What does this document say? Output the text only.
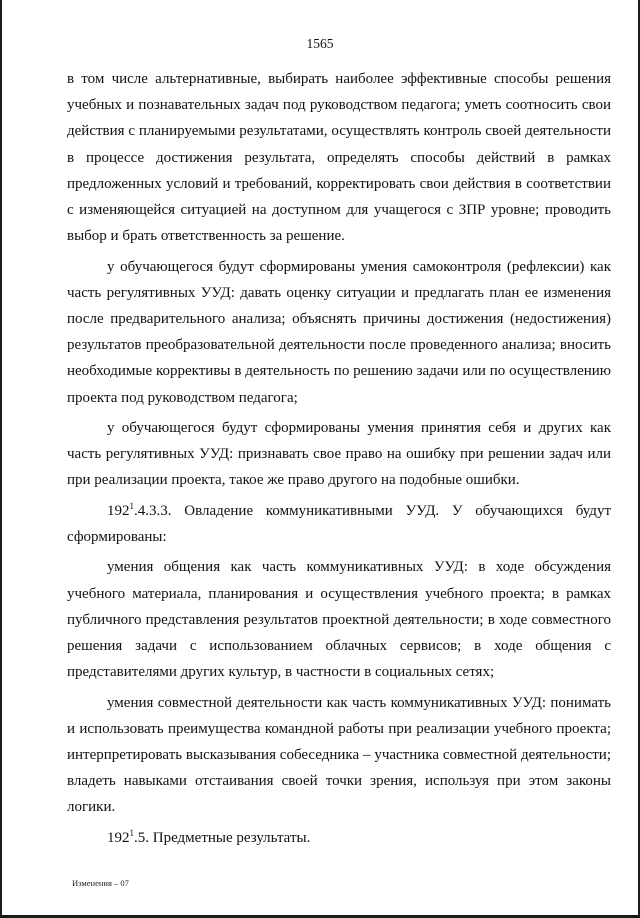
1565

в том числе альтернативные, выбирать наиболее эффективные способы решения учебных и познавательных задач под руководством педагога; уметь соотносить свои действия с планируемыми результатами, осуществлять контроль своей деятельности в процессе достижения результата, определять способы действий в рамках предложенных условий и требований, корректировать свои действия в соответствии с изменяющейся ситуацией на доступном для учащегося с ЗПР уровне; проводить выбор и брать ответственность за решение.

у обучающегося будут сформированы умения самоконтроля (рефлексии) как часть регулятивных УУД: давать оценку ситуации и предлагать план ее изменения после предварительного анализа; объяснять причины достижения (недостижения) результатов преобразовательной деятельности после проведенного анализа; вносить необходимые коррективы в деятельность по решению задачи или по осуществлению проекта под руководством педагога;

у обучающегося будут сформированы умения принятия себя и других как часть регулятивных УУД: признавать свое право на ошибку при решении задач или при реализации проекта, такое же право другого на подобные ошибки.

$192^1.4.3.3$. Овладение коммуникативными УУД. У обучающихся будут сформированы:

умения общения как часть коммуникативных УУД: в ходе обсуждения учебного материала, планирования и осуществления учебного проекта; в рамках публичного представления результатов проектной деятельности; в ходе совместного решения задачи с использованием облачных сервисов; в ходе общения с представителями других культур, в частности в социальных сетях;

умения совместной деятельности как часть коммуникативных УУД: понимать и использовать преимущества командной работы при реализации учебного проекта; интерпретировать высказывания собеседника – участника совместной деятельности; владеть навыками отстаивания своей точки зрения, используя при этом законы логики.

$192^1.5$. Предметные результаты.

Изменения – 07
